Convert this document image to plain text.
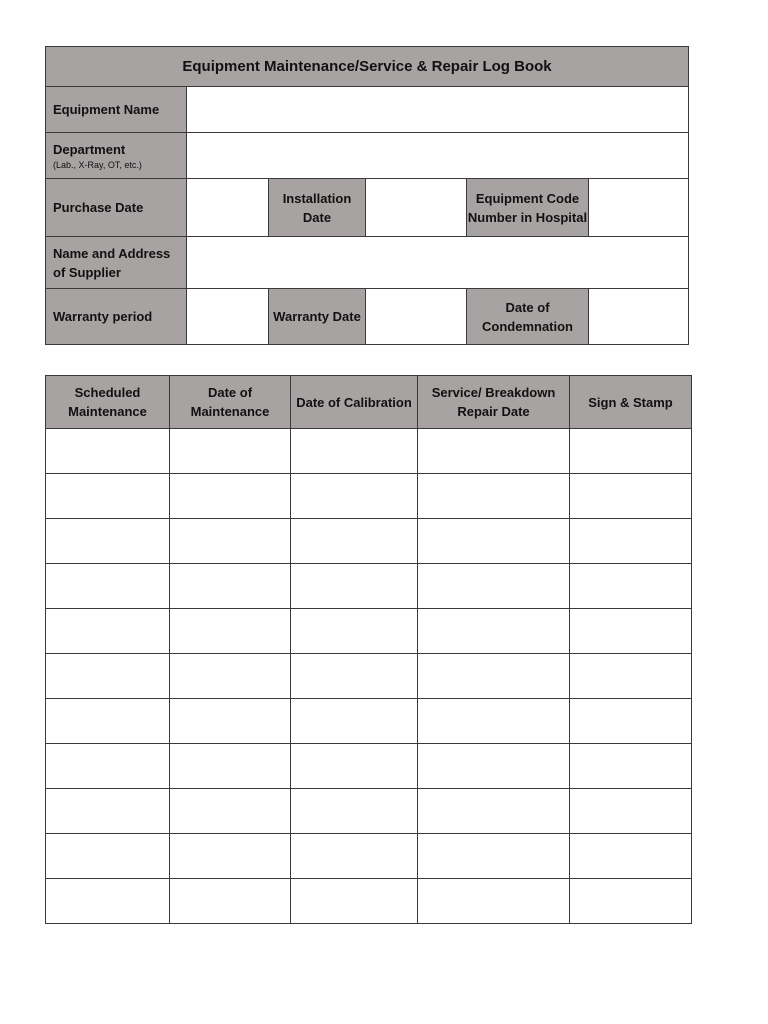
Equipment Maintenance/Service & Repair Log Book					
Equipment Name					
Department
(Lab., X-Ray, OT, etc.)					

Purchase Date		Installation Date		Equipment Code Number in Hospital	
Name and Address of Supplier					
Warranty period		Warranty Date		Date of Condemnation	
Scheduled Maintenance	Date of Maintenance	Date of Calibration	Service/ Breakdown Repair Date	Sign & Stamp
